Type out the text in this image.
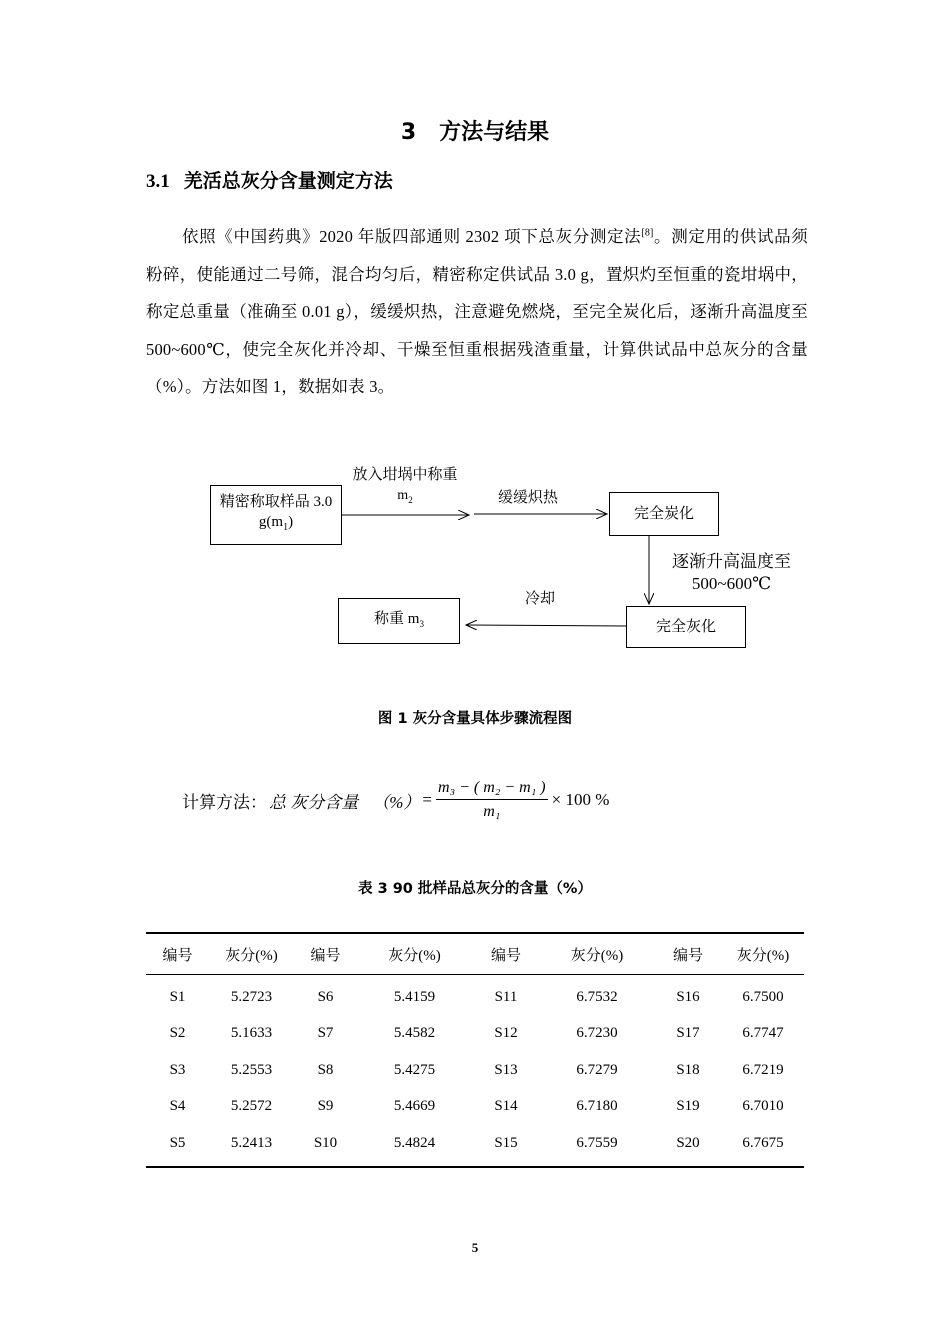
3 方法与结果
3.1 羌活总灰分含量测定方法
依照《中国药典》2020 年版四部通则 2302 项下总灰分测定法[8]。测定用的供试品须粉碎，使能通过二号筛，混合均匀后，精密称定供试品 3.0 g，置炽灼至恒重的瓷坩埚中，称定总重量（准确至 0.01 g），缓缓炽热，注意避免燃烧，至完全炭化后，逐渐升高温度至 500~600℃，使完全灰化并冷却、干燥至恒重根据残渣重量，计算供试品中总灰分的含量（%）。方法如图 1，数据如表 3。
精密称取样品 3.0
$g(m_1)$
放入坩埚中称重
$m_2$	缓缓炽热
完全炭化
逐渐升高温度至
500~600℃
完全灰化
冷却
称重 $m_3$
图 1 灰分含量具体步骤流程图
计算方法： 总 灰分含量 （%） = $\frac{\text{m₃ − ( m₂ − m₁ )}}{\text{m₁}} \times 100$ %
表 3 90 批样品总灰分的含量（%）
编号	灰分(%)	编号	灰分(%)	编号	灰分(%)	编号	灰分(%)
S1	5.2723	S6	5.4159	S11	6.7532	S16	6.7500
S2	5.1633	S7	5.4582	S12	6.7230	S17	6.7747
S3	5.2553	S8	5.4275	S13	6.7279	S18	6.7219
S4	5.2572	S9	5.4669	S14	6.7180	S19	6.7010
S5	5.2413	S10	5.4824	S15	6.7559	S20	6.7675
5
